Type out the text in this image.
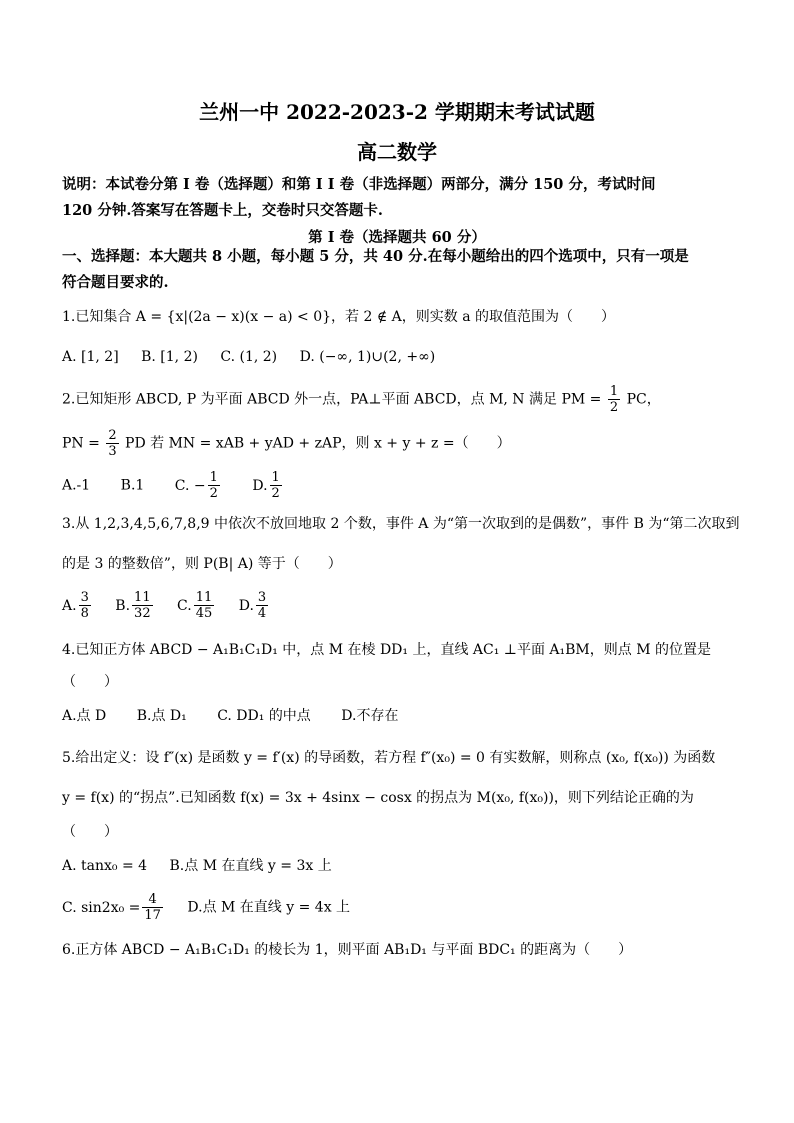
兰州一中 2022-2023-2 学期期末考试试题
高二数学
说明：本试卷分第 I 卷（选择题）和第 I I 卷（非选择题）两部分，满分 150 分，考试时间
120 分钟.答案写在答题卡上，交卷时只交答题卡.
第 I 卷（选择题共 60 分）
一、选择题：本大题共 8 小题，每小题 5 分，共 40 分.在每小题给出的四个选项中，只有一项是
符合题目要求的.
1.已知集合 A = {x|(2a − x)(x − a) < 0}，若 2 ∉ A，则实数 a 的取值范围为（　　）
A. [1, 2] B. [1, 2) C. (1, 2) D. (−∞, 1)∪(2, +∞)
2.已知矩形 ABCD, P 为平面 ABCD 外一点，PA⊥平面 ABCD，点 M, N 满足 PM = $\frac{1}{2}$ PC，
PN = $\frac{2}{3}$ PD 若 MN = xAB + yAD + zAP，则 x + y + z =（　　）
A.-1 B.1 C. − $\frac{1}{2} D$. $\frac{1}{2}$
3.从 1,2,3,4,5,6,7,8,9 中依次不放回地取 2 个数，事件 A 为“第一次取到的是偶数”，事件 B 为“第二次取到
的是 3 的整数倍”，则 P(B| A) 等于（　　）
A. $\frac{3}{8} B$. $\frac{11}{32} C$. $\frac{11}{45} D$. $\frac{3}{4}$
4.已知正方体 ABCD − A₁B₁C₁D₁ 中，点 M 在棱 DD₁ 上，直线 AC₁ ⊥平面 A₁BM，则点 M 的位置是
（　　）
A.点 D B.点 D₁ C. DD₁ 的中点 D.不存在
5.给出定义：设 f″(x) 是函数 y = f′(x) 的导函数，若方程 f″(x₀) = 0 有实数解，则称点 (x₀, f(x₀)) 为函数
y = f(x) 的“拐点”.已知函数 f(x) = 3x + 4sinx − cosx 的拐点为 M(x₀, f(x₀))，则下列结论正确的为
（　　）
A. tanx₀ = 4 B.点 M 在直线 y = 3x 上
C. $\sin 2x_0 = \frac{4}{17} D$.点 M 在直线 y = 4x 上
6.正方体 ABCD − A₁B₁C₁D₁ 的棱长为 1，则平面 AB₁D₁ 与平面 BDC₁ 的距离为（　　）
